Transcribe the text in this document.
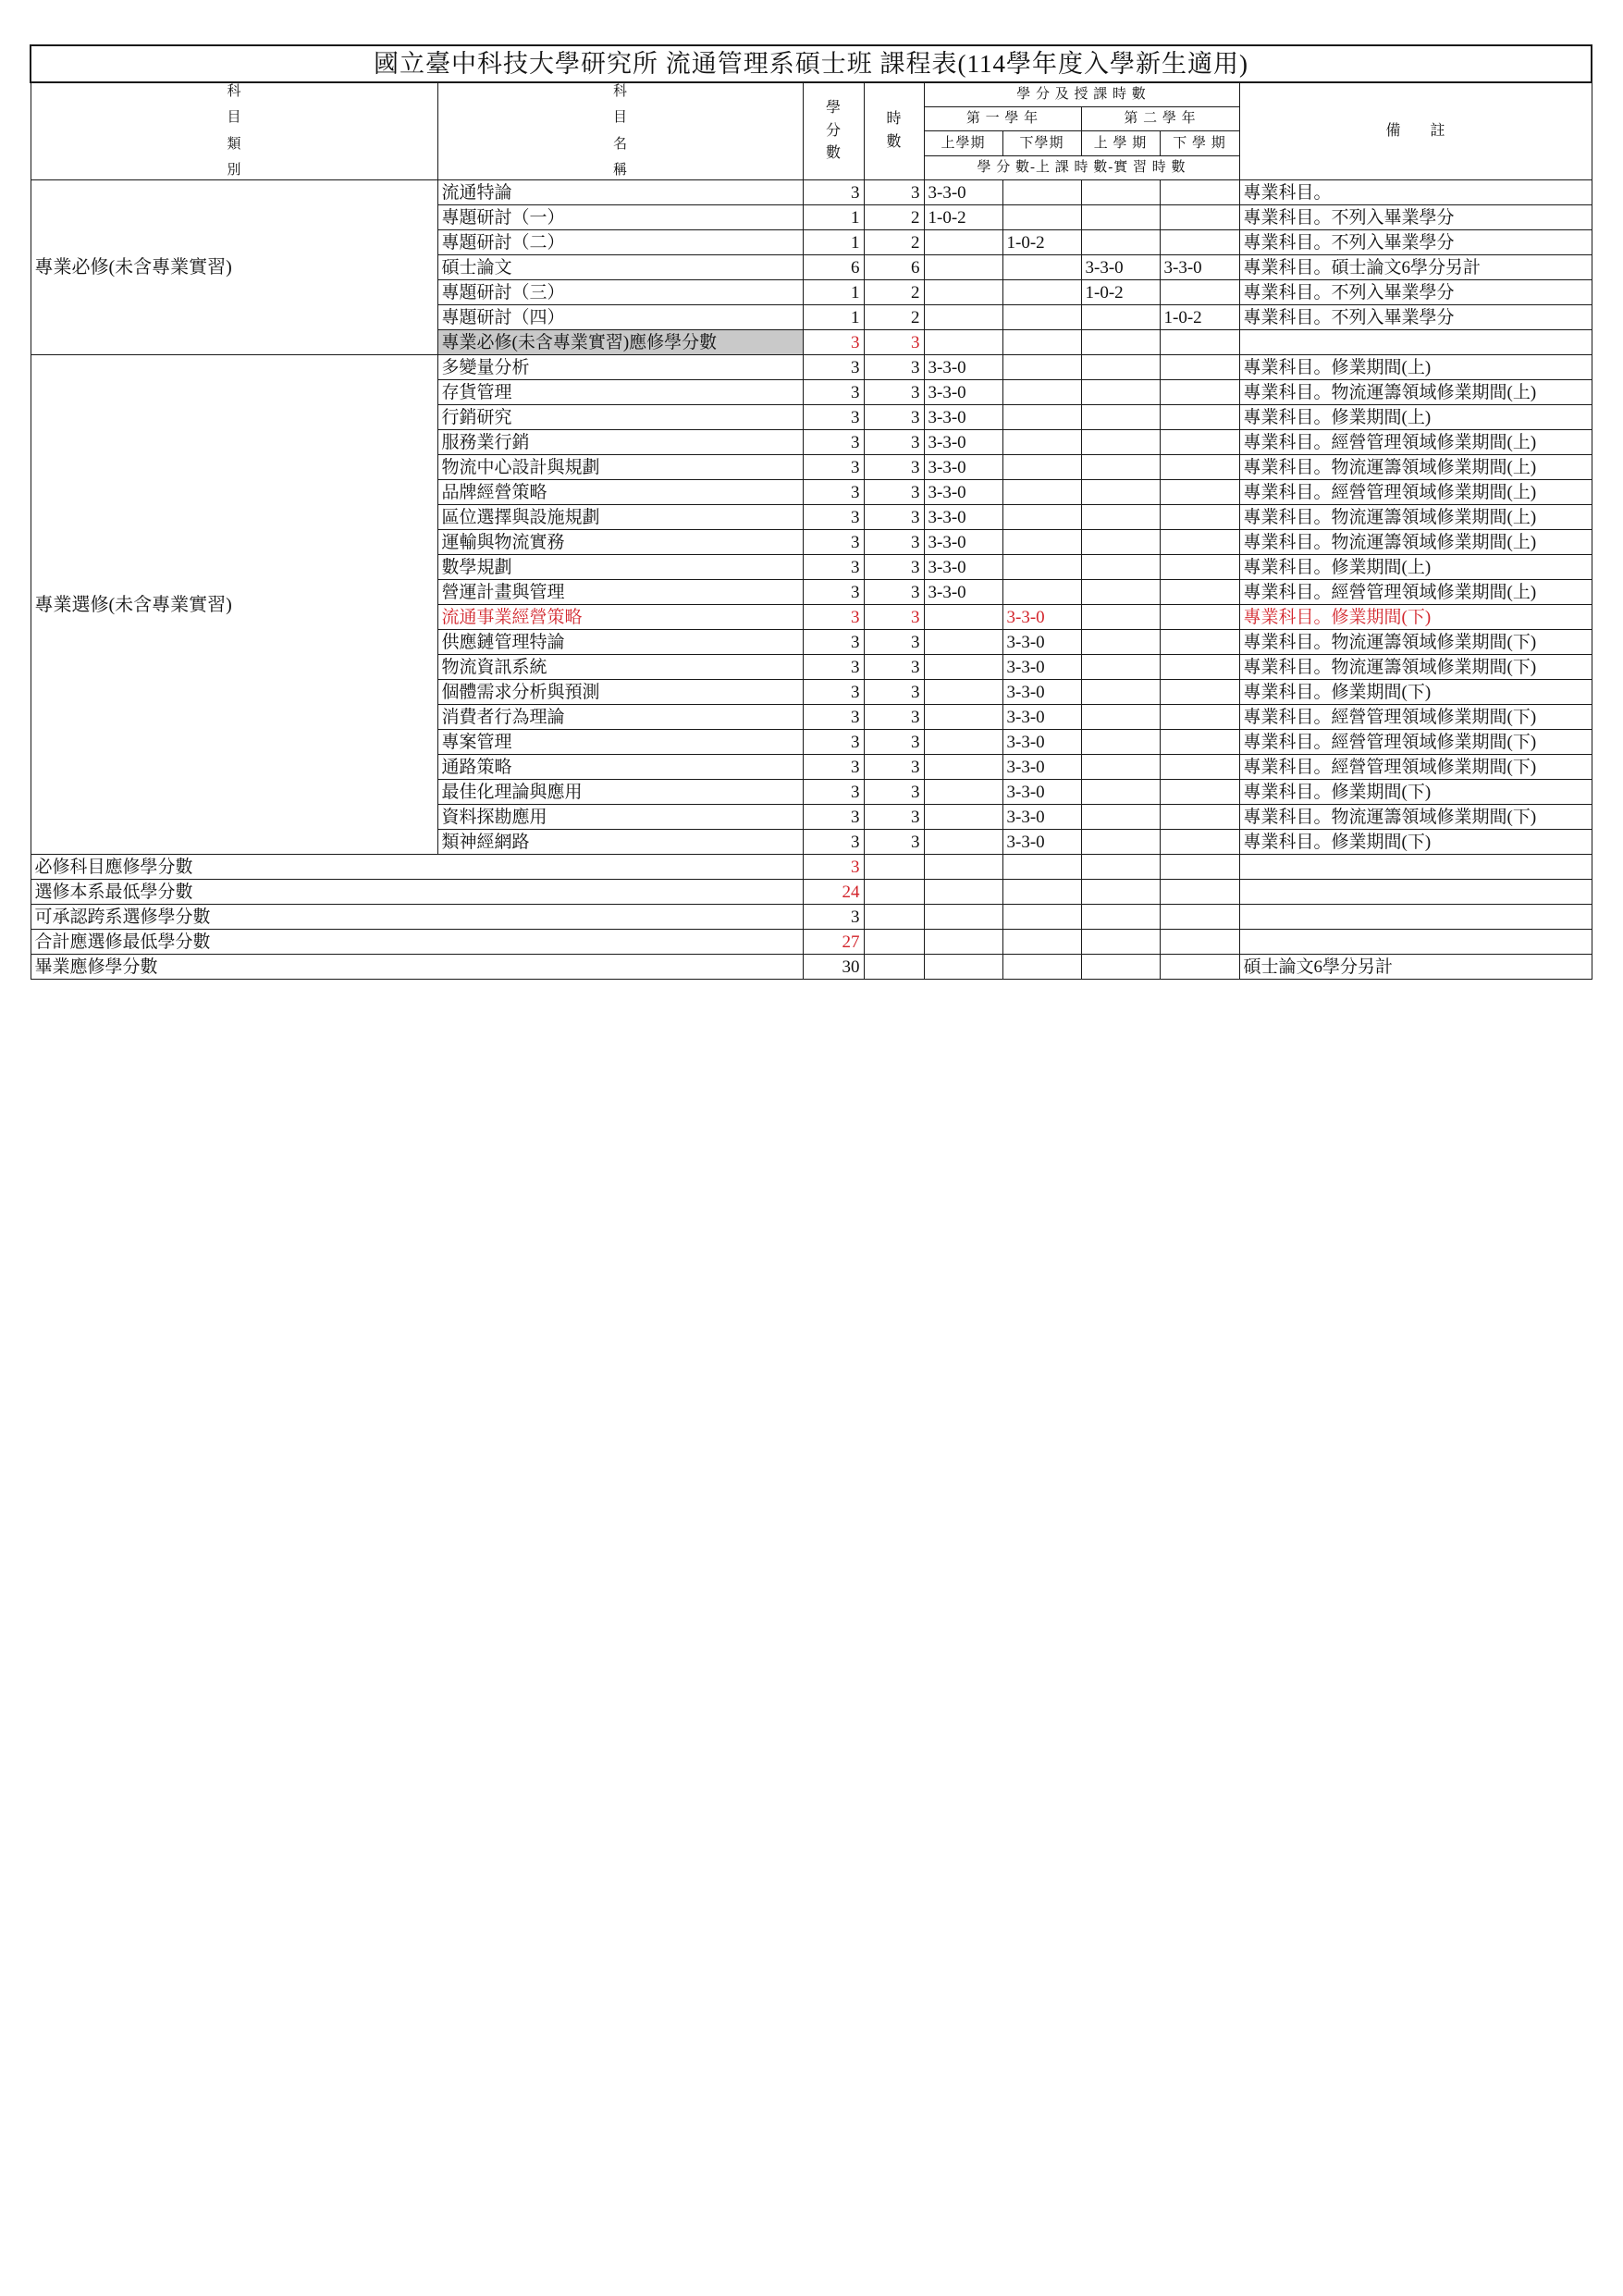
國立臺中科技大學研究所 流通管理系碩士班 課程表(114學年度入學新生適用)								

科
目
類
別	科
目
名
稱	學
分
數	時
數	學 分 及 授 課 時 數				備　　註
				第 一 學 年		第 二 學 年		
				上學期	下學期	上 學 期	下 學 期	
				學 分 數-上 課 時 數-實 習 時 數				
專業必修(未含專業實習)	流通特論	3	3	3-3-0				專業科目。
	專題研討（一）	1	2	1-0-2				專業科目。不列入畢業學分
	專題研討（二）	1	2		1-0-2			專業科目。不列入畢業學分
	碩士論文	6	6			3-3-0	3-3-0	專業科目。碩士論文6學分另計
	專題研討（三）	1	2			1-0-2		專業科目。不列入畢業學分
	專題研討（四）	1	2				1-0-2	專業科目。不列入畢業學分
	專業必修(未含專業實習)應修學分數	3	3					
專業選修(未含專業實習)	多變量分析	3	3	3-3-0				專業科目。修業期間(上)
	存貨管理	3	3	3-3-0				專業科目。物流運籌領域修業期間(上)
	行銷研究	3	3	3-3-0				專業科目。修業期間(上)
	服務業行銷	3	3	3-3-0				專業科目。經營管理領域修業期間(上)
	物流中心設計與規劃	3	3	3-3-0				專業科目。物流運籌領域修業期間(上)
	品牌經營策略	3	3	3-3-0				專業科目。經營管理領域修業期間(上)
	區位選擇與設施規劃	3	3	3-3-0				專業科目。物流運籌領域修業期間(上)
	運輸與物流實務	3	3	3-3-0				專業科目。物流運籌領域修業期間(上)
	數學規劃	3	3	3-3-0				專業科目。修業期間(上)
	營運計畫與管理	3	3	3-3-0				專業科目。經營管理領域修業期間(上)
	流通事業經營策略	3	3		3-3-0			專業科目。修業期間(下)
	供應鏈管理特論	3	3		3-3-0			專業科目。物流運籌領域修業期間(下)
	物流資訊系統	3	3		3-3-0			專業科目。物流運籌領域修業期間(下)
	個體需求分析與預測	3	3		3-3-0			專業科目。修業期間(下)
	消費者行為理論	3	3		3-3-0			專業科目。經營管理領域修業期間(下)
	專案管理	3	3		3-3-0			專業科目。經營管理領域修業期間(下)
	通路策略	3	3		3-3-0			專業科目。經營管理領域修業期間(下)
	最佳化理論與應用	3	3		3-3-0			專業科目。修業期間(下)
	資料探勘應用	3	3		3-3-0			專業科目。物流運籌領域修業期間(下)
	類神經網路	3	3		3-3-0			專業科目。修業期間(下)
必修科目應修學分數		3						
選修本系最低學分數		24						
可承認跨系選修學分數		3						
合計應選修最低學分數		27						
畢業應修學分數		30						碩士論文6學分另計
